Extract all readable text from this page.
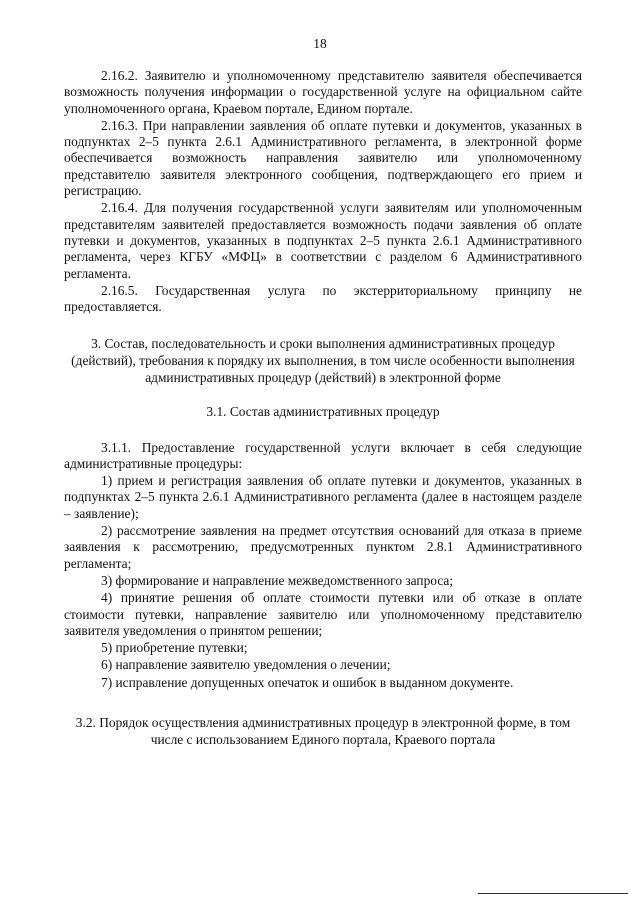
18

2.16.2. Заявителю и уполномоченному представителю заявителя обеспечивается возможность получения информации о государственной услуге на официальном сайте уполномоченного органа, Краевом портале, Едином портале.

2.16.3. При направлении заявления об оплате путевки и документов, указанных в подпунктах 2–5 пункта 2.6.1 Административного регламента, в электронной форме обеспечивается возможность направления заявителю или уполномоченному представителю заявителя электронного сообщения, подтверждающего его прием и регистрацию.

2.16.4. Для получения государственной услуги заявителям или уполномоченным представителям заявителей предоставляется возможность подачи заявления об оплате путевки и документов, указанных в подпунктах 2–5 пункта 2.6.1 Административного регламента, через КГБУ «МФЦ» в соответствии с разделом 6 Административного регламента.

2.16.5. Государственная услуга по экстерриториальному принципу не предоставляется.

3. Состав, последовательность и сроки выполнения административных процедур (действий), требования к порядку их выполнения, в том числе особенности выполнения административных процедур (действий) в электронной форме

3.1. Состав административных процедур

3.1.1. Предоставление государственной услуги включает в себя следующие административные процедуры:

1) прием и регистрация заявления об оплате путевки и документов, указанных в подпунктах 2–5 пункта 2.6.1 Административного регламента (далее в настоящем разделе – заявление);

2) рассмотрение заявления на предмет отсутствия оснований для отказа в приеме заявления к рассмотрению, предусмотренных пунктом 2.8.1 Административного регламента;

3) формирование и направление межведомственного запроса;

4) принятие решения об оплате стоимости путевки или об отказе в оплате стоимости путевки, направление заявителю или уполномоченному представителю заявителя уведомления о принятом решении;

5) приобретение путевки;

6) направление заявителю уведомления о лечении;

7) исправление допущенных опечаток и ошибок в выданном документе.

3.2. Порядок осуществления административных процедур в электронной форме, в том числе с использованием Единого портала, Краевого портала
